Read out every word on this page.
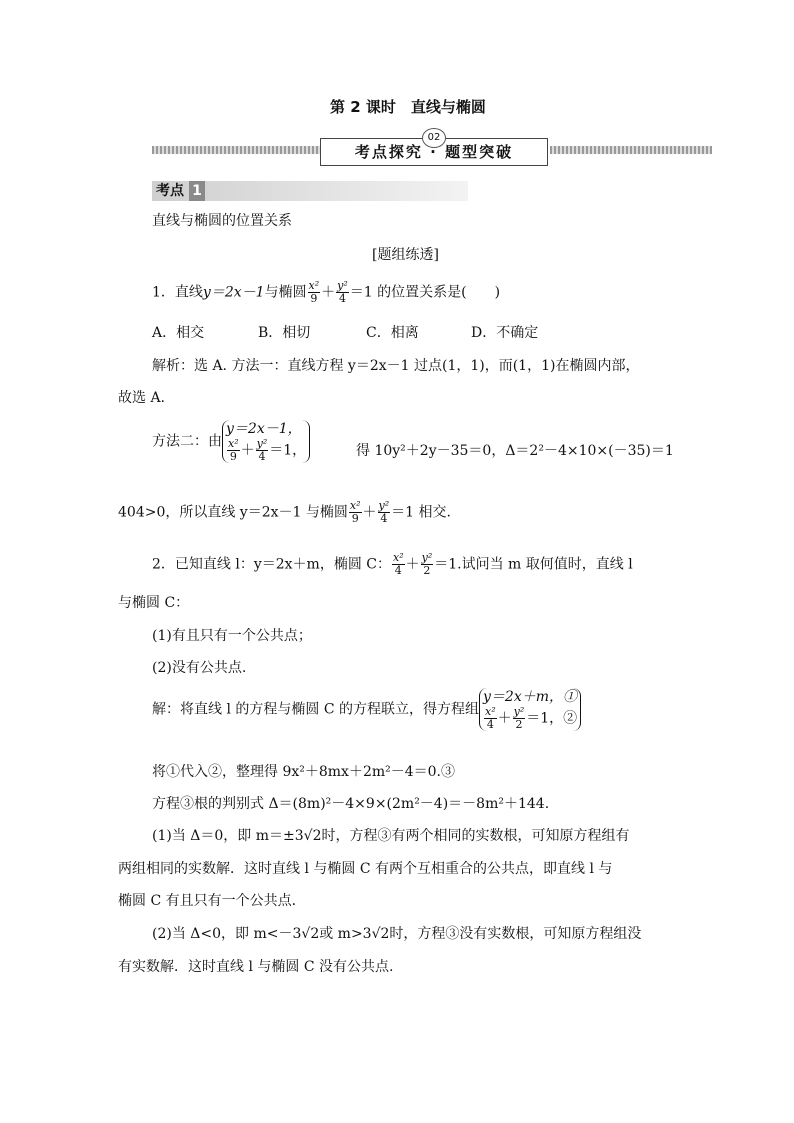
第 2 课时　直线与椭圆
02
考点探究 · 题型突破
考点 1
直线与椭圆的位置关系
[题组练透]
1．直线y＝2x－1与椭圆 $\frac{\text{x²}}{9} + \frac{\text{y²}}{4} =1$ 的位置关系是(　　)
A．相交	B．相切	C．相离	D．不确定
解析：选 A. 方法一：直线方程 y＝2x－1 过点(1，1)，而(1，1)在椭圆内部，
故选 A.
方法二：由
y＝2x－1，
$\frac{\text{x²}}{9} + \frac{\text{y²}}{4} =1$，	得 10y²＋2y－35＝0，Δ＝2²－4×10×(－35)＝1
404>0，所以直线 y＝2x－1 与椭圆 $\frac{\text{x²}}{9} + \frac{\text{y²}}{4} =1$ 相交.
2．已知直线 l：y＝2x＋m，椭圆 C： $\frac{\text{x²}}{4} + \frac{\text{y²}}{2} =1$.试问当 m 取何值时，直线 l
与椭圆 C：
(1)有且只有一个公共点；
(2)没有公共点.
解：将直线 l 的方程与椭圆 C 的方程联立，得方程组
y＝2x＋m，①
$\frac{\text{x²}}{4} + \frac{\text{y²}}{2} =1$，②
将①代入②，整理得 9x²＋8mx＋2m²－4＝0.③
方程③根的判别式 Δ＝(8m)²－4×9×(2m²－4)＝－8m²＋144.
(1)当 Δ＝0，即 m＝±3√2时，方程③有两个相同的实数根，可知原方程组有
两组相同的实数解．这时直线 l 与椭圆 C 有两个互相重合的公共点，即直线 l 与
椭圆 C 有且只有一个公共点．
(2)当 Δ<0，即 m<－3√2或 m>3√2时，方程③没有实数根，可知原方程组没
有实数解．这时直线 l 与椭圆 C 没有公共点.
